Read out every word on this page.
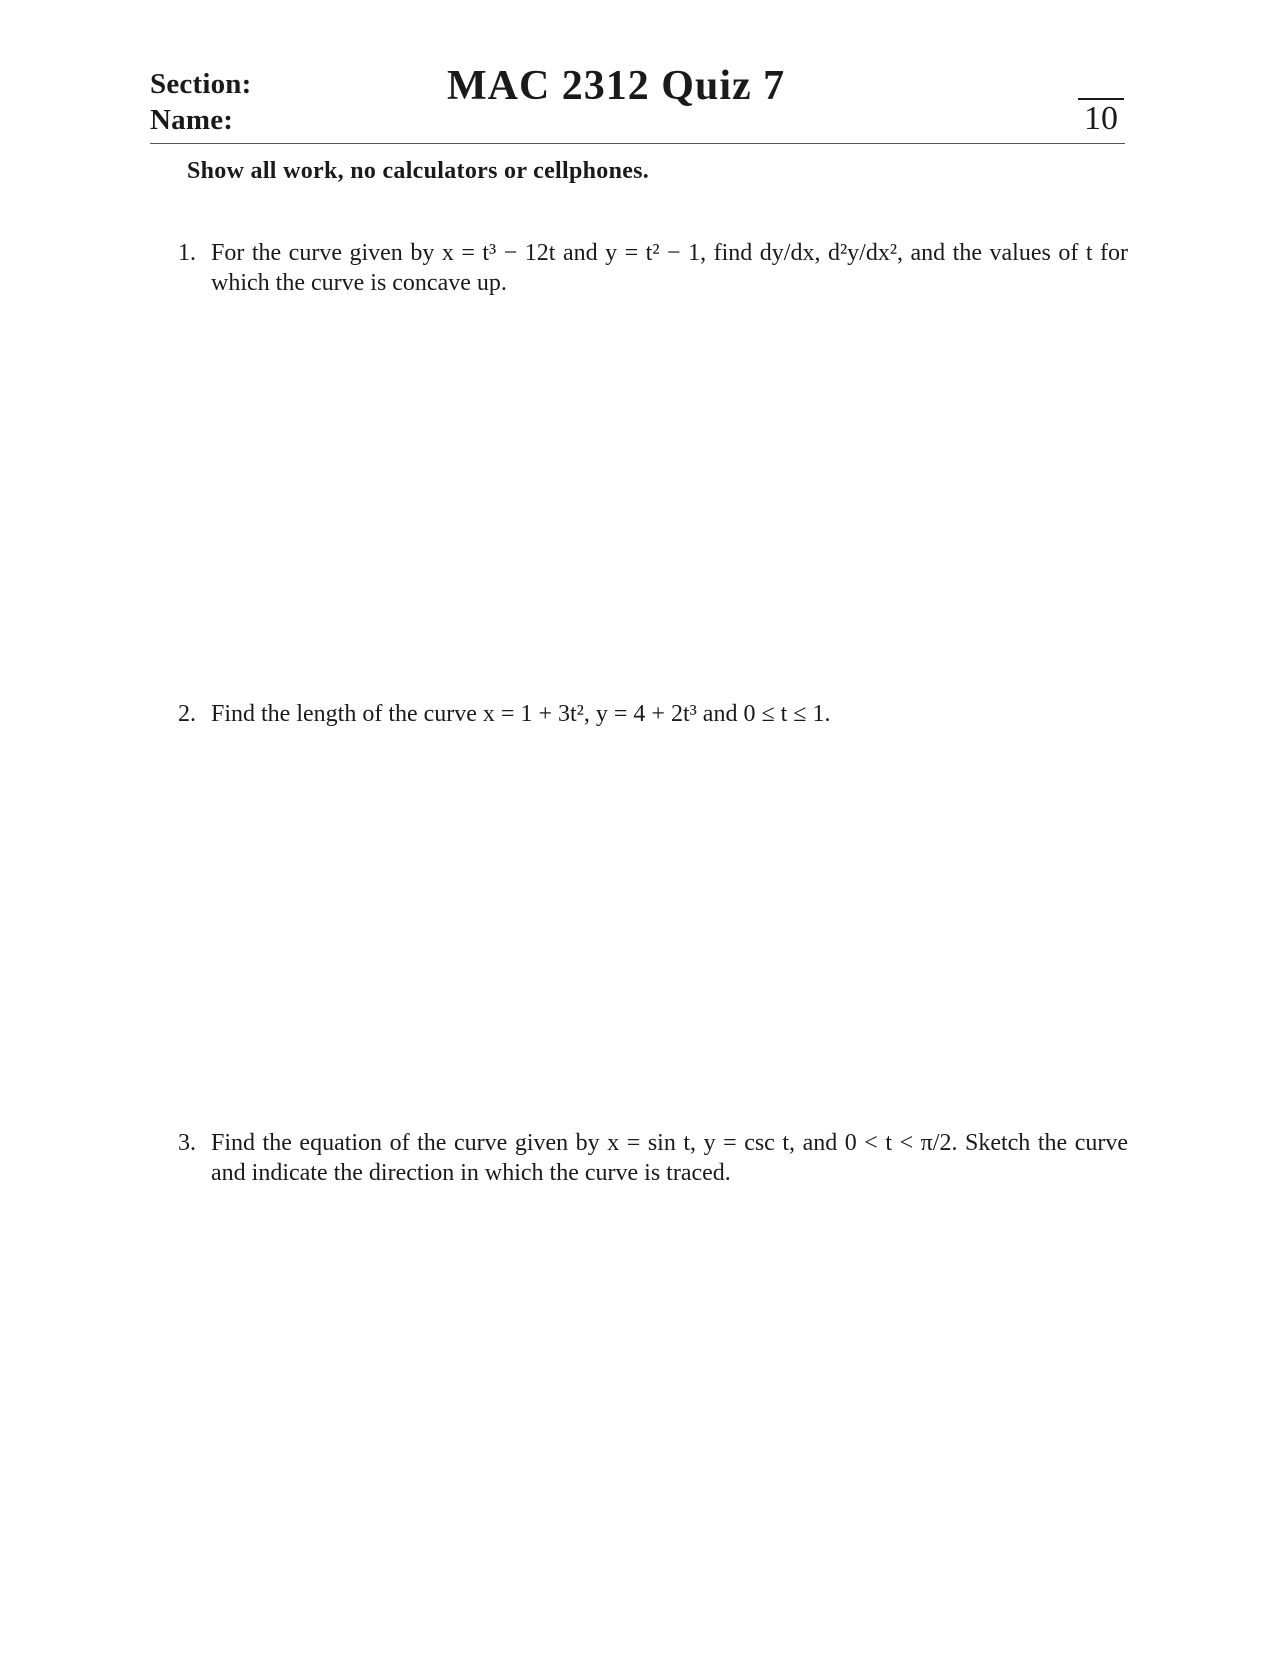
Section:
Name:
MAC 2312 Quiz 7
10
Show all work, no calculators or cellphones.
1. For the curve given by x = t³ − 12t and y = t² − 1, find dy/dx, d²y/dx², and the values of t for which the curve is concave up.
2. Find the length of the curve x = 1 + 3t², y = 4 + 2t³ and 0 ≤ t ≤ 1.
3. Find the equation of the curve given by x = sin t, y = csc t, and 0 < t < π/2. Sketch the curve and indicate the direction in which the curve is traced.
